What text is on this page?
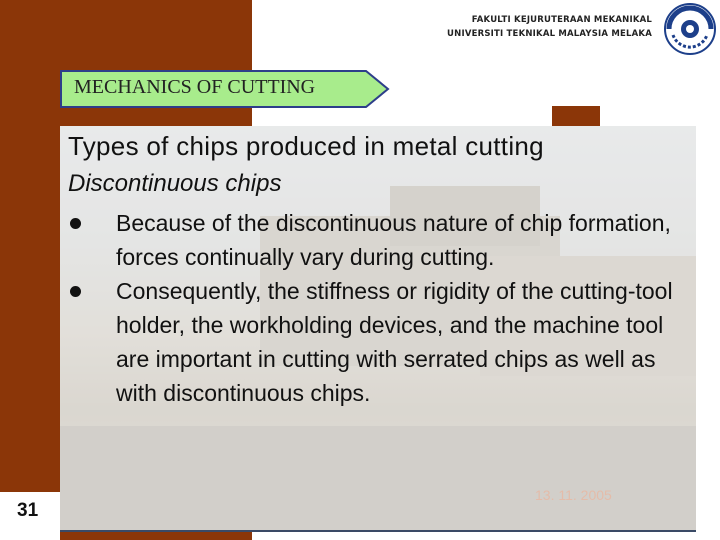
FAKULTI KEJURUTERAAN MEKANIKAL
UNIVERSITI TEKNIKAL MALAYSIA MELAKA
MECHANICS OF CUTTING
Types of chips produced in metal cutting
Discontinuous chips
Because of the discontinuous nature of chip formation, forces continually vary during cutting.
Consequently, the stiffness or rigidity of the cutting-tool holder, the workholding devices, and the machine tool are important in cutting with serrated chips as well as with discontinuous chips.
13. 11. 2005
31
